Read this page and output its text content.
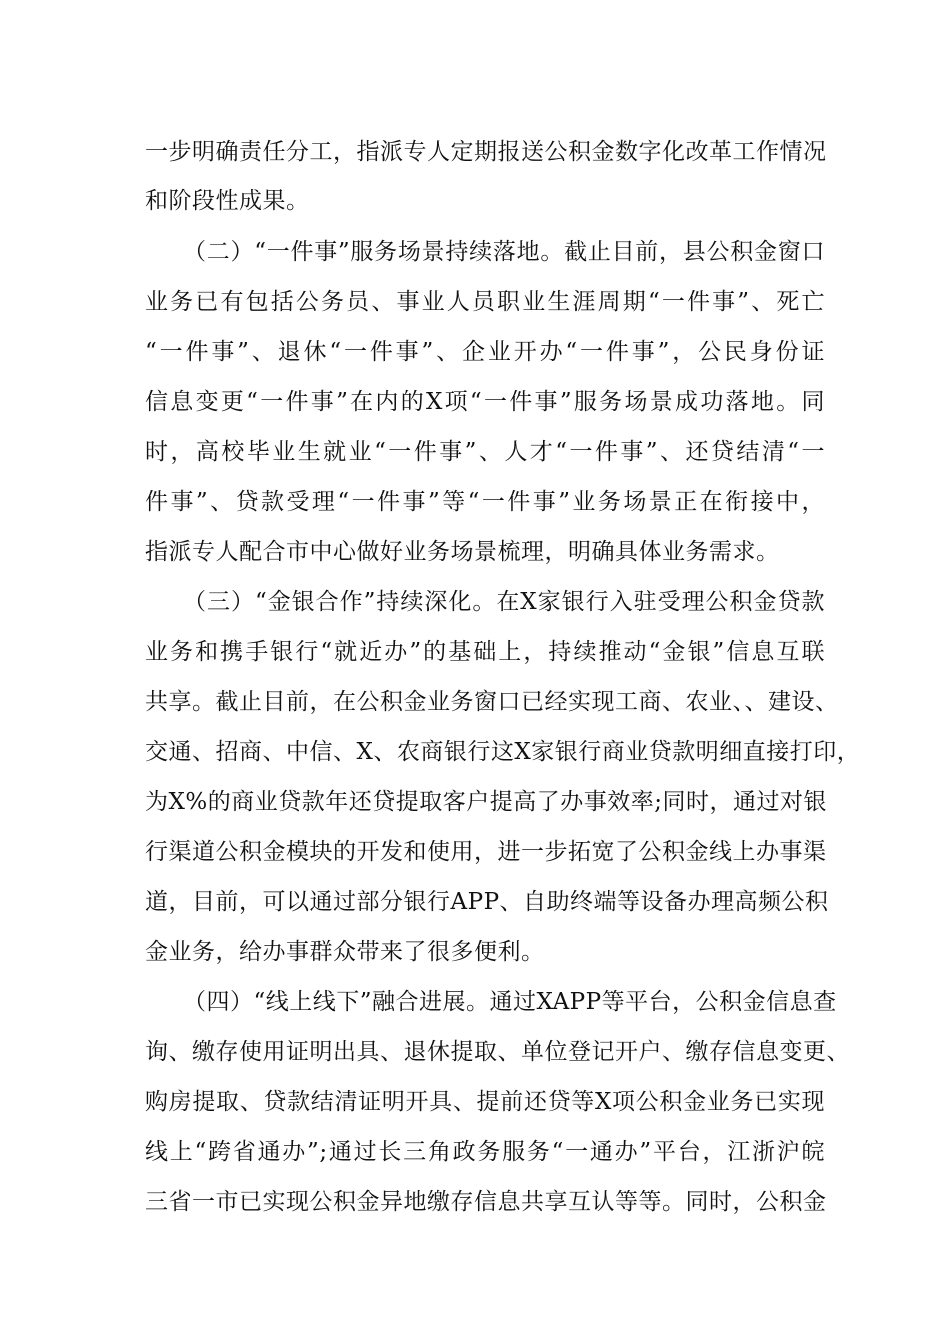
一步明确责任分工，指派专人定期报送公积金数字化改革工作情况
和阶段性成果。
（二）“一件事”服务场景持续落地。截止目前，县公积金窗口
业务已有包括公务员、事业人员职业生涯周期“一件事”、死亡
“一件事”、退休“一件事”、企业开办“一件事”，公民身份证
信息变更“一件事”在内的X项“一件事”服务场景成功落地。同
时，高校毕业生就业“一件事”、人才“一件事”、还贷结清“一
件事”、贷款受理“一件事”等“一件事”业务场景正在衔接中，
指派专人配合市中心做好业务场景梳理，明确具体业务需求。
（三）“金银合作”持续深化。在X家银行入驻受理公积金贷款
业务和携手银行“就近办”的基础上，持续推动“金银”信息互联
共享。截止目前，在公积金业务窗口已经实现工商、农业、、建设、
交通、招商、中信、X、农商银行这X家银行商业贷款明细直接打印，
为X%的商业贷款年还贷提取客户提高了办事效率;同时，通过对银
行渠道公积金模块的开发和使用，进一步拓宽了公积金线上办事渠
道，目前，可以通过部分银行APP、自助终端等设备办理高频公积
金业务，给办事群众带来了很多便利。
（四）“线上线下”融合进展。通过XAPP等平台，公积金信息查
询、缴存使用证明出具、退休提取、单位登记开户、缴存信息变更、
购房提取、贷款结清证明开具、提前还贷等X项公积金业务已实现
线上“跨省通办”;通过长三角政务服务“一通办”平台，江浙沪皖
三省一市已实现公积金异地缴存信息共享互认等等。同时，公积金
